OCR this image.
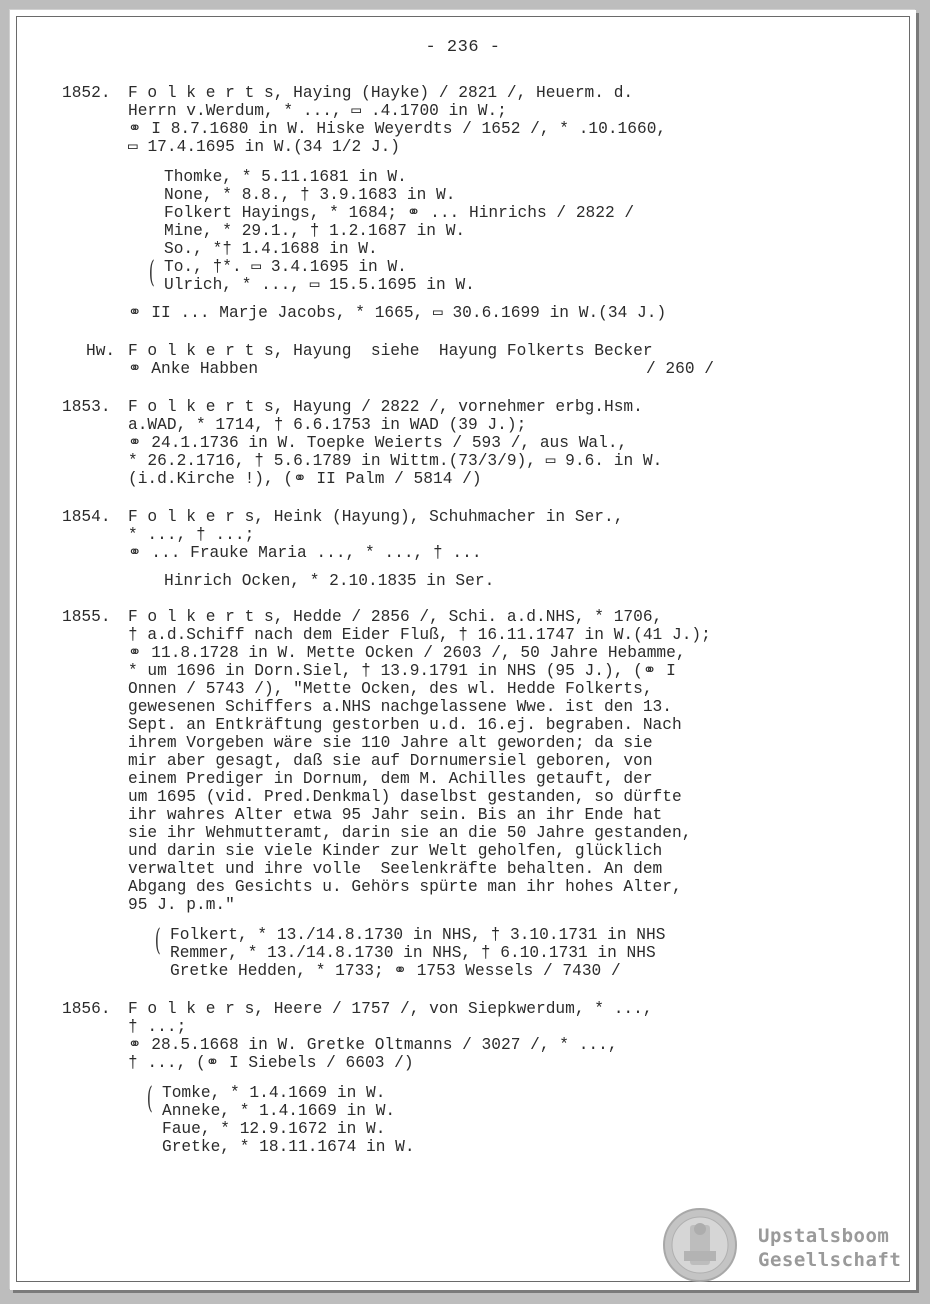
- 236 -
1852. F o l k e r t s, Haying (Hayke) / 2821 /, Heuerm. d.
Herrn v.Werdum, * ..., ▭ .4.1700 in W.;
⚭ I 8.7.1680 in W. Hiske Weyerdts / 1652 /, * .10.1660,
▭ 17.4.1695 in W.(34 1/2 J.)
Thomke, * 5.11.1681 in W.
None, * 8.8., † 3.9.1683 in W.
Folkert Hayings, * 1684; ⚭ ... Hinrichs / 2822 /
Mine, * 29.1., † 1.2.1687 in W.
So., *† 1.4.1688 in W.
( To., †*. ▭ 3.4.1695 in W.
Ulrich, * ..., ▭ 15.5.1695 in W.
⚭ II ... Marje Jacobs, * 1665, ▭ 30.6.1699 in W.(34 J.)
Hw. F o l k e r t s, Hayung  siehe  Hayung Folkerts Becker
⚭ Anke Habben	/ 260 /
1853. F o l k e r t s, Hayung / 2822 /, vornehmer erbg.Hsm.
a.WAD, * 1714, † 6.6.1753 in WAD (39 J.);
⚭ 24.1.1736 in W. Toepke Weierts / 593 /, aus Wal.,
* 26.2.1716, † 5.6.1789 in Wittm.(73/3/9), ▭ 9.6. in W.
(i.d.Kirche !), (⚭ II Palm / 5814 /)
1854. F o l k e r s, Heink (Hayung), Schuhmacher in Ser.,
* ..., † ...;
⚭ ... Frauke Maria ..., * ..., † ...
Hinrich Ocken, * 2.10.1835 in Ser.
1855. F o l k e r t s, Hedde / 2856 /, Schi. a.d.NHS, * 1706,
† a.d.Schiff nach dem Eider Fluß, † 16.11.1747 in W.(41 J.);
⚭ 11.8.1728 in W. Mette Ocken / 2603 /, 50 Jahre Hebamme,
* um 1696 in Dorn.Siel, † 13.9.1791 in NHS (95 J.), (⚭ I
Onnen / 5743 /), "Mette Ocken, des wl. Hedde Folkerts,
gewesenen Schiffers a.NHS nachgelassene Wwe. ist den 13.
Sept. an Entkräftung gestorben u.d. 16.ej. begraben. Nach
ihrem Vorgeben wäre sie 110 Jahre alt geworden; da sie
mir aber gesagt, daß sie auf Dornumersiel geboren, von
einem Prediger in Dornum, dem M. Achilles getauft, der
um 1695 (vid. Pred.Denkmal) daselbst gestanden, so dürfte
ihr wahres Alter etwa 95 Jahr sein. Bis an ihr Ende hat
sie ihr Wehmutteramt, darin sie an die 50 Jahre gestanden,
und darin sie viele Kinder zur Welt geholfen, glücklich
verwaltet und ihre volle  Seelenkräfte behalten. An dem
Abgang des Gesichts u. Gehörs spürte man ihr hohes Alter,
95 J. p.m."
( Folkert, * 13./14.8.1730 in NHS, † 3.10.1731 in NHS
Remmer, * 13./14.8.1730 in NHS, † 6.10.1731 in NHS
Gretke Hedden, * 1733; ⚭ 1753 Wessels / 7430 /
1856. F o l k e r s, Heere / 1757 /, von Siepkwerdum, * ...,
† ...;
⚭ 28.5.1668 in W. Gretke Oltmanns / 3027 /, * ...,
† ..., (⚭ I Siebels / 6603 /)
( Tomke, * 1.4.1669 in W.
Anneke, * 1.4.1669 in W.
Faue, * 12.9.1672 in W.
Gretke, * 18.11.1674 in W.
Upstalsboom
Gesellschaft
